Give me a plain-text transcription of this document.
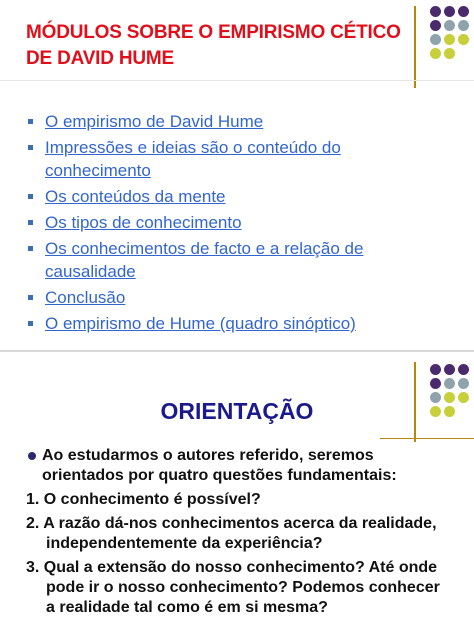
MÓDULOS SOBRE O EMPIRISMO CÉTICO DE DAVID HUME
O empirismo de David Hume
Impressões e ideias são o conteúdo do conhecimento
Os conteúdos da mente
Os tipos de conhecimento
Os conhecimentos de facto e a relação de causalidade
Conclusão
O empirismo de Hume (quadro sinóptico)
ORIENTAÇÃO
Ao estudarmos o autores referido, seremos orientados por quatro questões fundamentais:
1. O conhecimento é possível?
2. A razão dá-nos conhecimentos acerca da realidade, independentemente da experiência?
3. Qual a extensão do nosso conhecimento? Até onde pode ir o nosso conhecimento? Podemos conhecer a realidade tal como é em si mesma?
